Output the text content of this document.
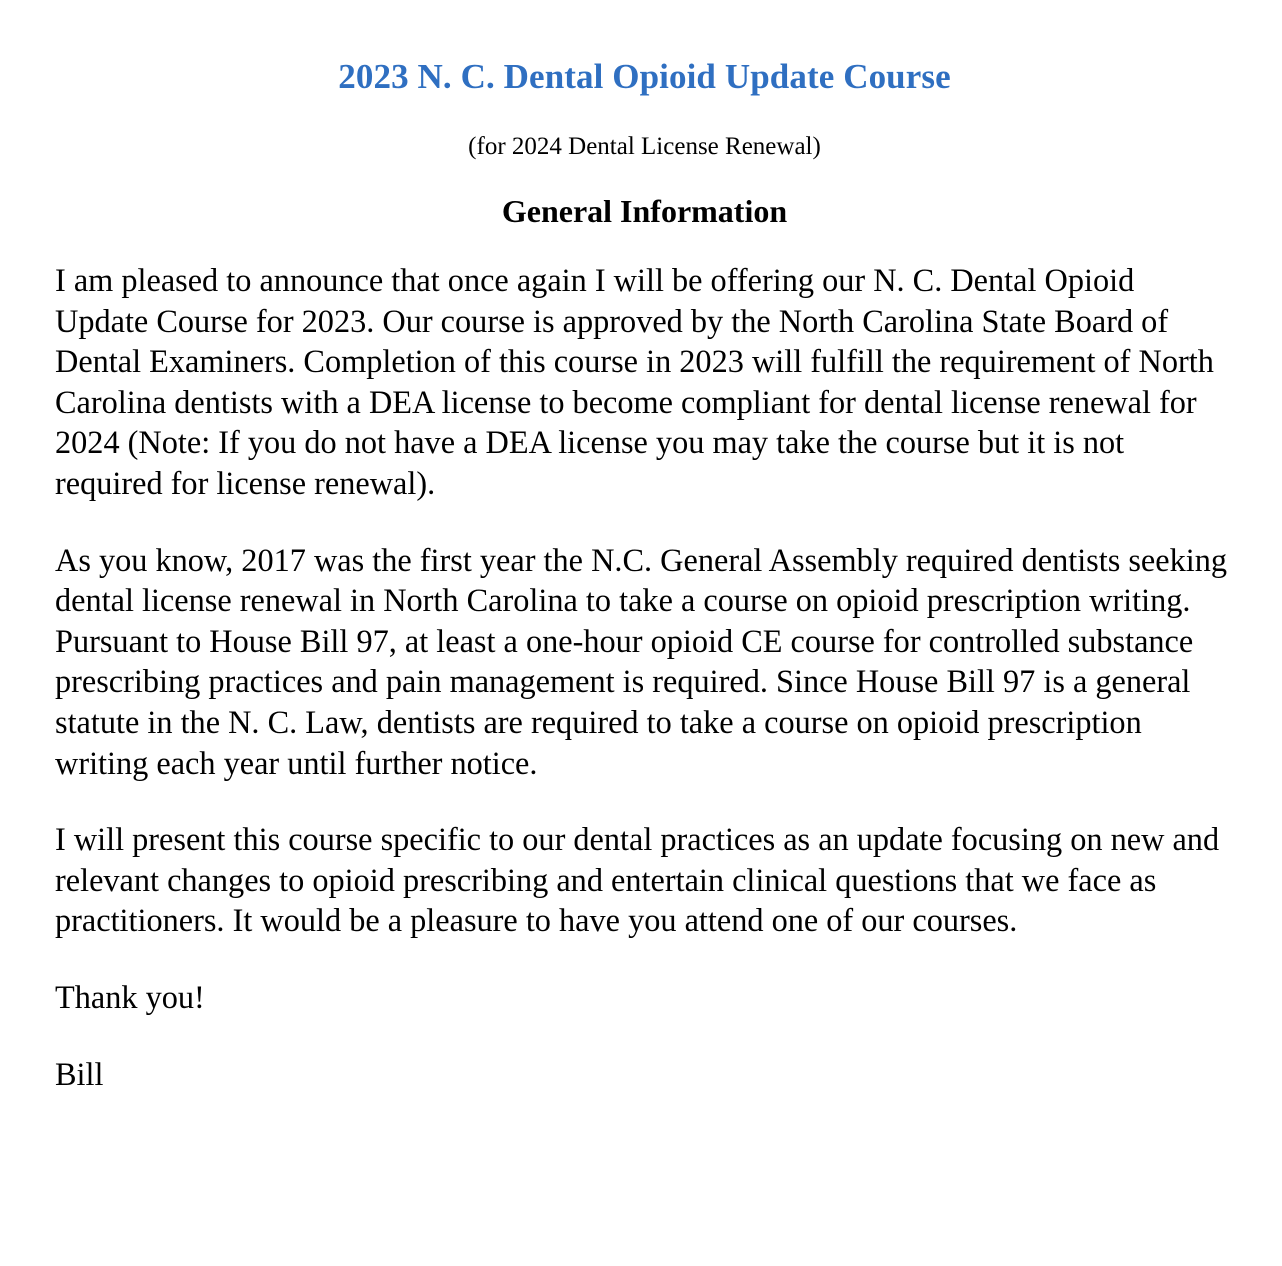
2023 N. C. Dental Opioid Update Course

(for 2024 Dental License Renewal)

General Information

I am pleased to announce that once again I will be offering our N. C. Dental Opioid Update Course for 2023. Our course is approved by the North Carolina State Board of Dental Examiners. Completion of this course in 2023 will fulfill the requirement of North Carolina dentists with a DEA license to become compliant for dental license renewal for 2024 (Note: If you do not have a DEA license you may take the course but it is not required for license renewal).

As you know, 2017 was the first year the N.C. General Assembly required dentists seeking dental license renewal in North Carolina to take a course on opioid prescription writing. Pursuant to House Bill 97, at least a one-hour opioid CE course for controlled substance prescribing practices and pain management is required. Since House Bill 97 is a general statute in the N. C. Law, dentists are required to take a course on opioid prescription writing each year until further notice.

I will present this course specific to our dental practices as an update focusing on new and relevant changes to opioid prescribing and entertain clinical questions that we face as practitioners. It would be a pleasure to have you attend one of our courses.

Thank you!

Bill
